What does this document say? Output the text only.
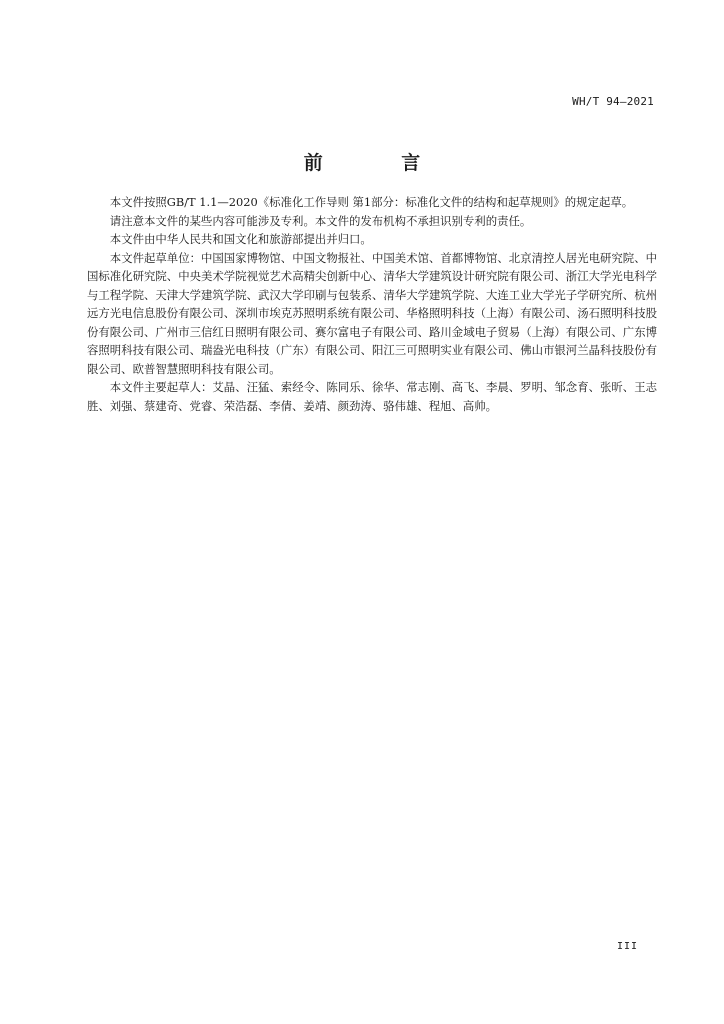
WH/T 94—2021
前 言

本文件按照GB/T 1.1—2020《标准化工作导则 第1部分：标准化文件的结构和起草规则》的规定起草。

请注意本文件的某些内容可能涉及专利。本文件的发布机构不承担识别专利的责任。

本文件由中华人民共和国文化和旅游部提出并归口。

本文件起草单位：中国国家博物馆、中国文物报社、中国美术馆、首都博物馆、北京清控人居光电研究院、中国标准化研究院、中央美术学院视觉艺术高精尖创新中心、清华大学建筑设计研究院有限公司、浙江大学光电科学与工程学院、天津大学建筑学院、武汉大学印刷与包装系、清华大学建筑学院、大连工业大学光子学研究所、杭州远方光电信息股份有限公司、深圳市埃克苏照明系统有限公司、华格照明科技（上海）有限公司、汤石照明科技股份有限公司、广州市三信红日照明有限公司、赛尔富电子有限公司、路川金域电子贸易（上海）有限公司、广东博容照明科技有限公司、瑞盎光电科技（广东）有限公司、阳江三可照明实业有限公司、佛山市银河兰晶科技股份有限公司、欧普智慧照明科技有限公司。

本文件主要起草人：艾晶、汪猛、索经令、陈同乐、徐华、常志刚、高飞、李晨、罗明、邹念育、张昕、王志胜、刘强、蔡建奇、党睿、荣浩磊、李倩、姜靖、颜劲涛、骆伟雄、程旭、高帅。

III
